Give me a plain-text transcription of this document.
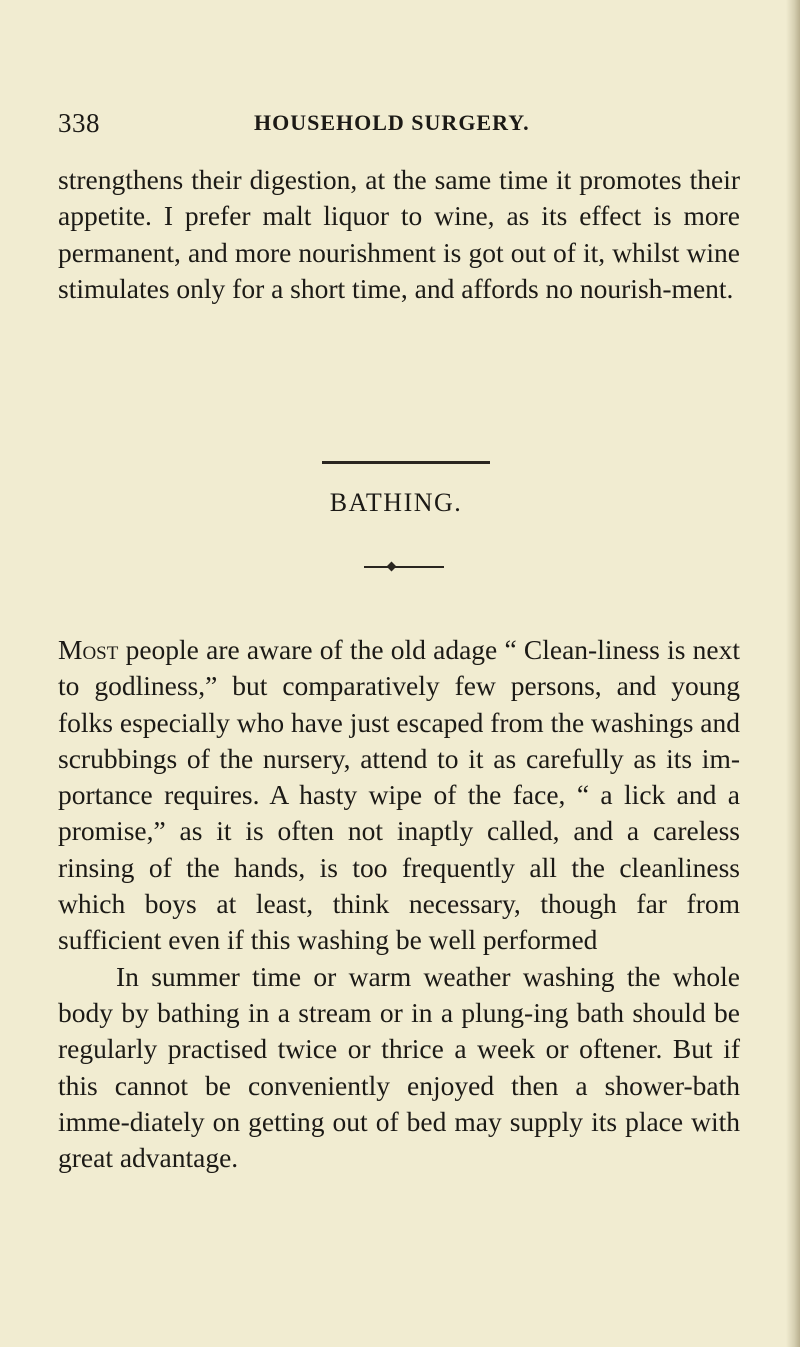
338	HOUSEHOLD SURGERY.

strengthens their digestion, at the same time it promotes their appetite. I prefer malt liquor to wine, as its effect is more permanent, and more nourishment is got out of it, whilst wine stimulates only for a short time, and affords no nourish-ment.

BATHING.

Most people are aware of the old adage “ Clean-liness is next to godliness,” but comparatively few persons, and young folks especially who have just escaped from the washings and scrubbings of the nursery, attend to it as carefully as its im-portance requires. A hasty wipe of the face, “ a lick and a promise,” as it is often not inaptly called, and a careless rinsing of the hands, is too frequently all the cleanliness which boys at least, think necessary, though far from sufficient even if this washing be well performed

In summer time or warm weather washing the whole body by bathing in a stream or in a plung-ing bath should be regularly practised twice or thrice a week or oftener. But if this cannot be conveniently enjoyed then a shower-bath imme-diately on getting out of bed may supply its place with great advantage.
